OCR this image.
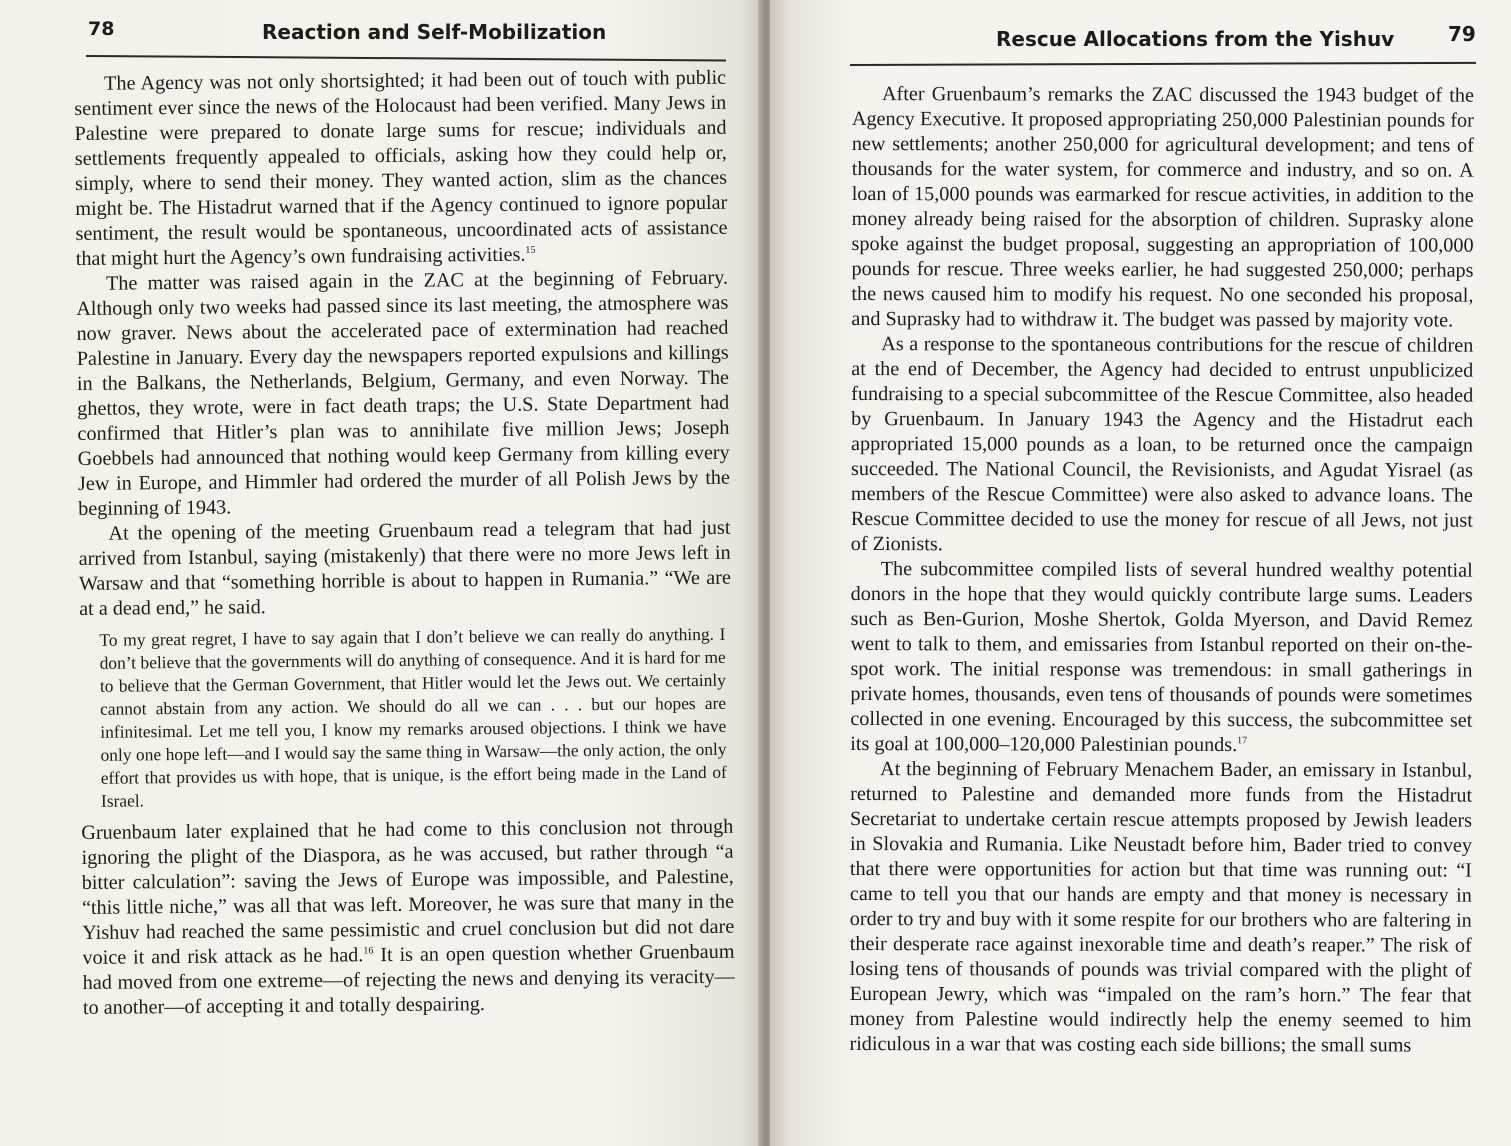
78	Reaction and Self-Mobilization

The Agency was not only shortsighted; it had been out of touch with public sentiment ever since the news of the Holocaust had been verified. Many Jews in Palestine were prepared to donate large sums for rescue; individuals and settlements frequently appealed to officials, asking how they could help or, simply, where to send their money. They wanted action, slim as the chances might be. The Histadrut warned that if the Agency continued to ignore popular sentiment, the result would be spontaneous, uncoordinated acts of assistance that might hurt the Agency’s own fundraising activities.$^{15}$

The matter was raised again in the ZAC at the beginning of February. Although only two weeks had passed since its last meeting, the atmosphere was now graver. News about the accelerated pace of extermination had reached Palestine in January. Every day the newspapers reported expulsions and killings in the Balkans, the Netherlands, Belgium, Germany, and even Norway. The ghettos, they wrote, were in fact death traps; the U.S. State Department had confirmed that Hitler’s plan was to annihilate five million Jews; Joseph Goebbels had announced that nothing would keep Germany from killing every Jew in Europe, and Himmler had ordered the murder of all Polish Jews by the beginning of 1943.

At the opening of the meeting Gruenbaum read a telegram that had just arrived from Istanbul, saying (mistakenly) that there were no more Jews left in Warsaw and that “something horrible is about to happen in Rumania.” “We are at a dead end,” he said.

To my great regret, I have to say again that I don’t believe we can really do anything. I don’t believe that the governments will do anything of consequence. And it is hard for me to believe that the German Government, that Hitler would let the Jews out. We certainly cannot abstain from any action. We should do all we can . . . but our hopes are infinitesimal. Let me tell you, I know my remarks aroused objections. I think we have only one hope left—and I would say the same thing in Warsaw—the only action, the only effort that provides us with hope, that is unique, is the effort being made in the Land of Israel.

Gruenbaum later explained that he had come to this conclusion not through ignoring the plight of the Diaspora, as he was accused, but rather through “a bitter calculation”: saving the Jews of Europe was impossible, and Palestine, “this little niche,” was all that was left. Moreover, he was sure that many in the Yishuv had reached the same pessimistic and cruel conclusion but did not dare voice it and risk attack as he had.$^{16}$ It is an open question whether Gruenbaum had moved from one extreme—of rejecting the news and denying its veracity—to another—of accepting it and totally despairing.

Rescue Allocations from the Yishuv	79

After Gruenbaum’s remarks the ZAC discussed the 1943 budget of the Agency Executive. It proposed appropriating 250,000 Palestinian pounds for new settlements; another 250,000 for agricultural development; and tens of thousands for the water system, for commerce and industry, and so on. A loan of 15,000 pounds was earmarked for rescue activities, in addition to the money already being raised for the absorption of children. Suprasky alone spoke against the budget proposal, suggesting an appropriation of 100,000 pounds for rescue. Three weeks earlier, he had suggested 250,000; perhaps the news caused him to modify his request. No one seconded his proposal, and Suprasky had to withdraw it. The budget was passed by majority vote.

As a response to the spontaneous contributions for the rescue of children at the end of December, the Agency had decided to entrust unpublicized fundraising to a special subcommittee of the Rescue Committee, also headed by Gruenbaum. In January 1943 the Agency and the Histadrut each appropriated 15,000 pounds as a loan, to be returned once the campaign succeeded. The National Council, the Revisionists, and Agudat Yisrael (as members of the Rescue Committee) were also asked to advance loans. The Rescue Committee decided to use the money for rescue of all Jews, not just of Zionists.

The subcommittee compiled lists of several hundred wealthy potential donors in the hope that they would quickly contribute large sums. Leaders such as Ben-Gurion, Moshe Shertok, Golda Myerson, and David Remez went to talk to them, and emissaries from Istanbul reported on their on-the-spot work. The initial response was tremendous: in small gatherings in private homes, thousands, even tens of thousands of pounds were sometimes collected in one evening. Encouraged by this success, the subcommittee set its goal at 100,000–120,000 Palestinian pounds.$^{17}$

At the beginning of February Menachem Bader, an emissary in Istanbul, returned to Palestine and demanded more funds from the Histadrut Secretariat to undertake certain rescue attempts proposed by Jewish leaders in Slovakia and Rumania. Like Neustadt before him, Bader tried to convey that there were opportunities for action but that time was running out: “I came to tell you that our hands are empty and that money is necessary in order to try and buy with it some respite for our brothers who are faltering in their desperate race against inexorable time and death’s reaper.” The risk of losing tens of thousands of pounds was trivial compared with the plight of European Jewry, which was “impaled on the ram’s horn.” The fear that money from Palestine would indirectly help the enemy seemed to him ridiculous in a war that was costing each side billions; the small sums
